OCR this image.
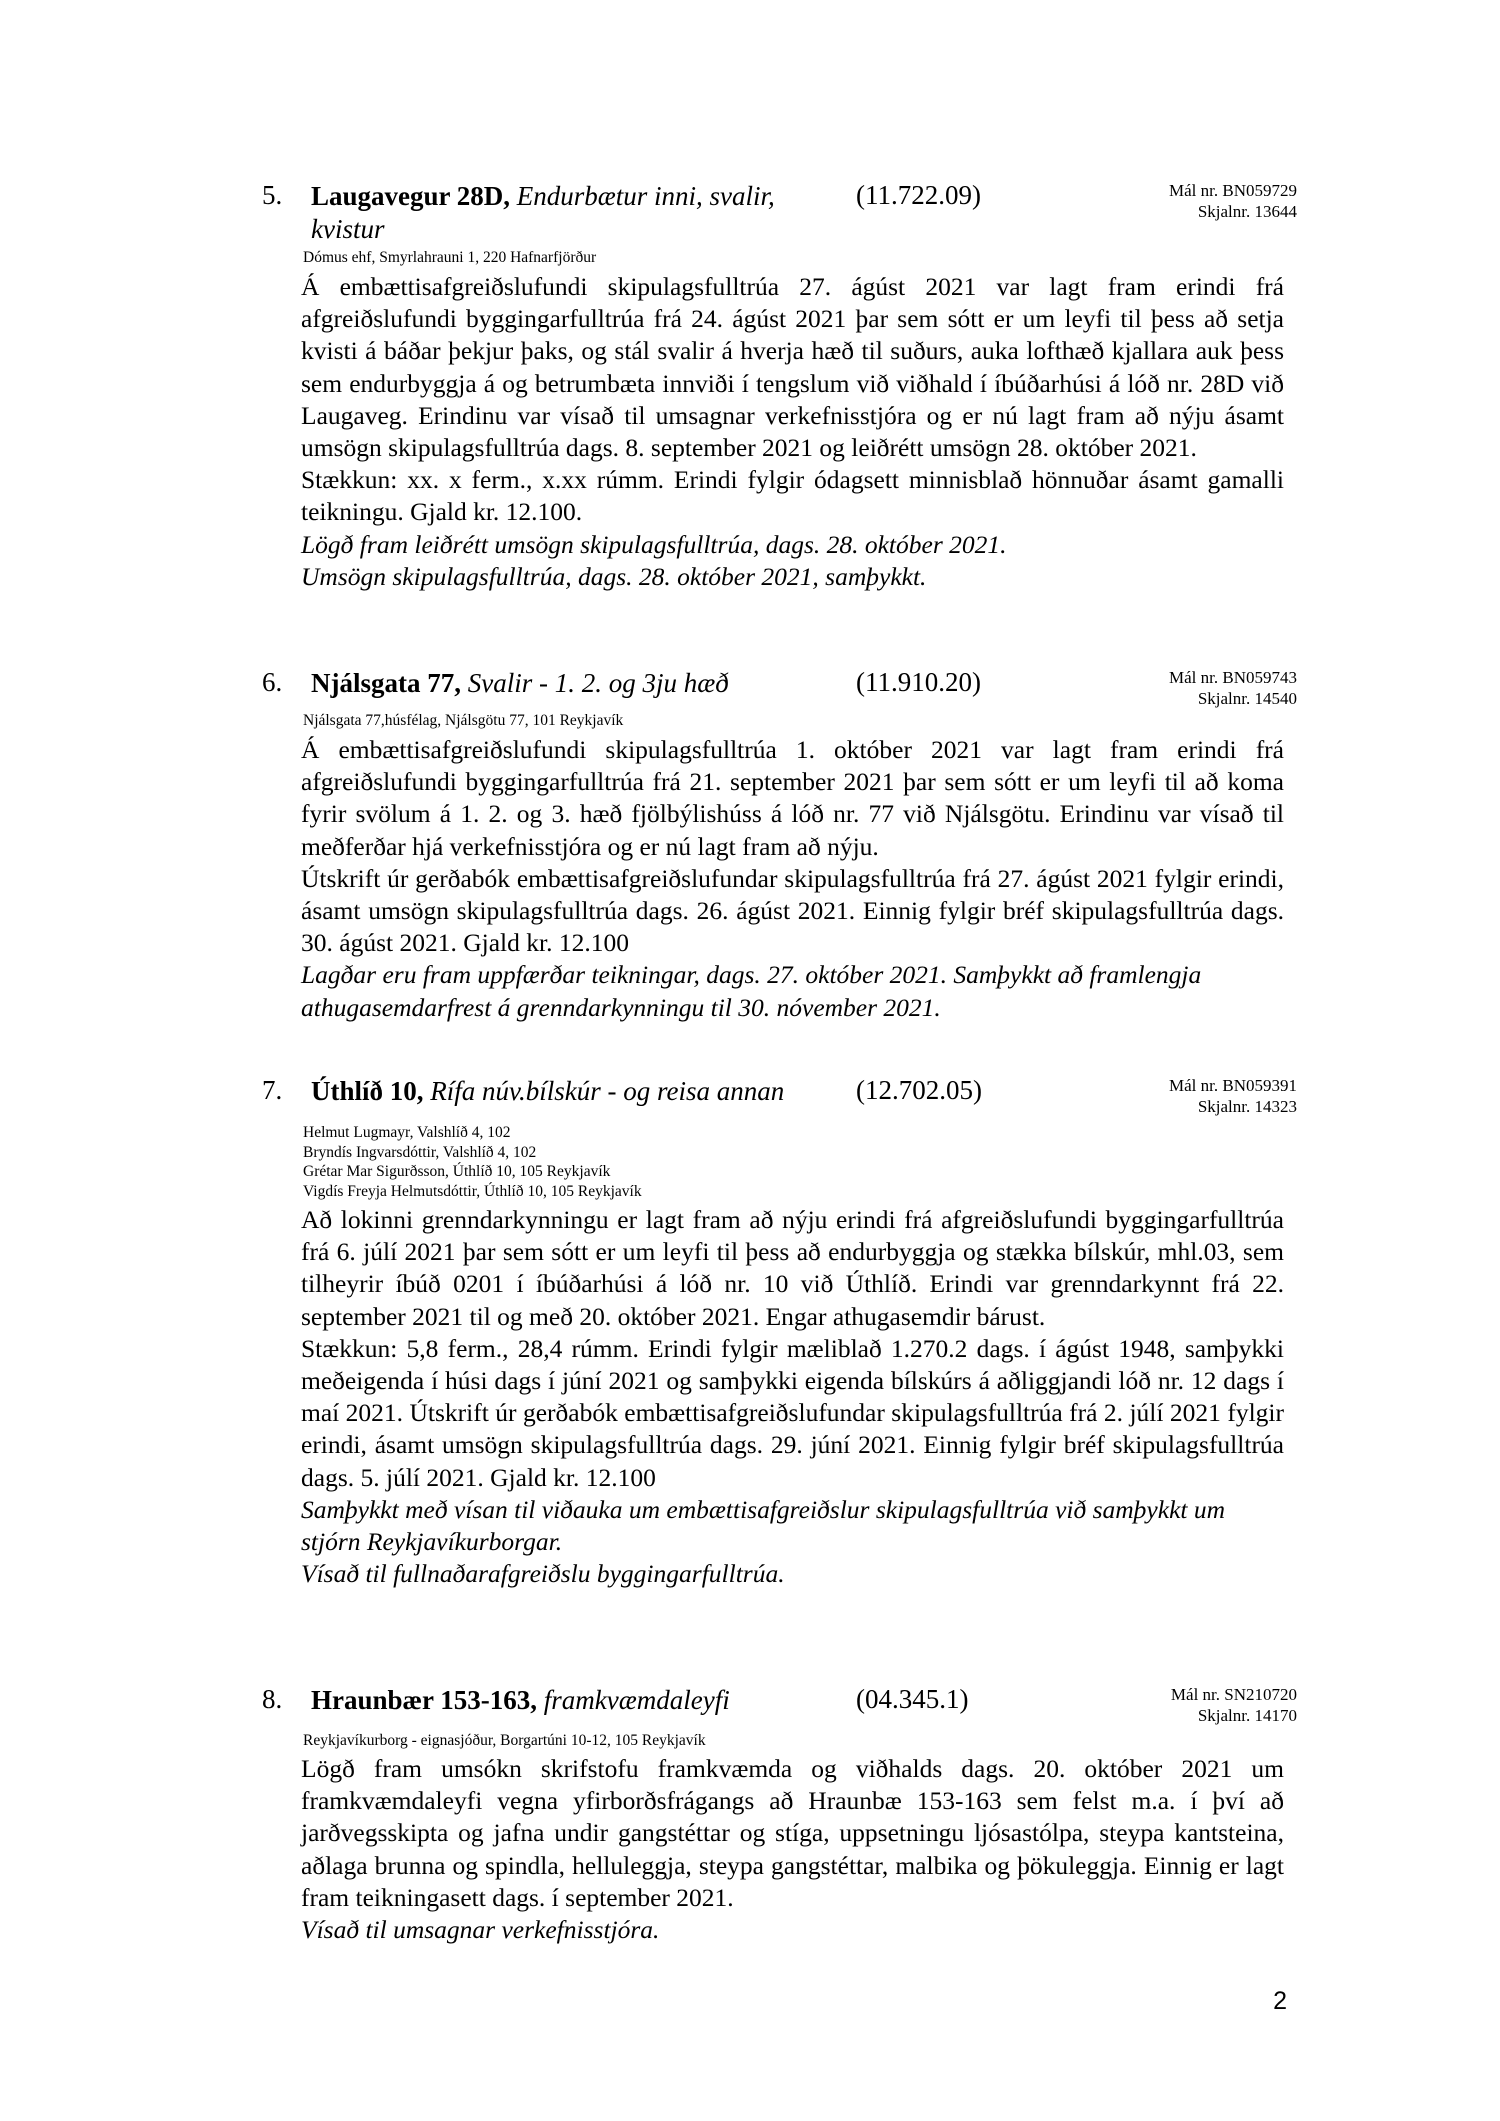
5. Laugavegur 28D, Endurbætur inni, svalir, kvistur
(11.722.09)	Mál nr. BN059729
Skjalnr. 13644
Dómus ehf, Smyrlahrauni 1, 220 Hafnarfjörður

Á embættisafgreiðslufundi skipulagsfulltrúa 27. ágúst 2021 var lagt fram erindi frá afgreiðslufundi byggingarfulltrúa frá 24. ágúst 2021 þar sem sótt er um leyfi til þess að setja kvisti á báðar þekjur þaks, og stál svalir á hverja hæð til suðurs, auka lofthæð kjallara auk þess sem endurbyggja á og betrumbæta innviði í tengslum við viðhald í íbúðarhúsi á lóð nr. 28D við Laugaveg. Erindinu var vísað til umsagnar verkefnisstjóra og er nú lagt fram að nýju ásamt umsögn skipulagsfulltrúa dags. 8. september 2021 og leiðrétt umsögn 28. október 2021.

Stækkun: xx. x ferm., x.xx rúmm. Erindi fylgir ódagsett minnisblað hönnuðar ásamt gamalli teikningu. Gjald kr. 12.100.

Lögð fram leiðrétt umsögn skipulagsfulltrúa, dags. 28. október 2021.

Umsögn skipulagsfulltrúa, dags. 28. október 2021, samþykkt.

6. Njálsgata 77, Svalir - 1. 2. og 3ju hæð	(11.910.20)	Mál nr. BN059743
Skjalnr. 14540
Njálsgata 77,húsfélag, Njálsgötu 77, 101 Reykjavík

Á embættisafgreiðslufundi skipulagsfulltrúa 1. október 2021 var lagt fram erindi frá afgreiðslufundi byggingarfulltrúa frá 21. september 2021 þar sem sótt er um leyfi til að koma fyrir svölum á 1. 2. og 3. hæð fjölbýlishúss á lóð nr. 77 við Njálsgötu. Erindinu var vísað til meðferðar hjá verkefnisstjóra og er nú lagt fram að nýju.

Útskrift úr gerðabók embættisafgreiðslufundar skipulagsfulltrúa frá 27. ágúst 2021 fylgir erindi, ásamt umsögn skipulagsfulltrúa dags. 26. ágúst 2021. Einnig fylgir bréf skipulagsfulltrúa dags. 30. ágúst 2021. Gjald kr. 12.100

Lagðar eru fram uppfærðar teikningar, dags. 27. október 2021. Samþykkt að framlengja athugasemdarfrest á grenndarkynningu til 30. nóvember 2021.

7. Úthlíð 10, Rífa núv.bílskúr - og reisa annan	(12.702.05)	Mál nr. BN059391
Skjalnr. 14323
Helmut Lugmayr, Valshlíð 4, 102
Bryndís Ingvarsdóttir, Valshlíð 4, 102
Grétar Mar Sigurðsson, Úthlíð 10, 105 Reykjavík
Vigdís Freyja Helmutsdóttir, Úthlíð 10, 105 Reykjavík

Að lokinni grenndarkynningu er lagt fram að nýju erindi frá afgreiðslufundi byggingarfulltrúa frá 6. júlí 2021 þar sem sótt er um leyfi til þess að endurbyggja og stækka bílskúr, mhl.03, sem tilheyrir íbúð 0201 í íbúðarhúsi á lóð nr. 10 við Úthlíð. Erindi var grenndarkynnt frá 22. september 2021 til og með 20. október 2021. Engar athugasemdir bárust.

Stækkun: 5,8 ferm., 28,4 rúmm. Erindi fylgir mæliblað 1.270.2 dags. í ágúst 1948, samþykki meðeigenda í húsi dags í júní 2021 og samþykki eigenda bílskúrs á aðliggjandi lóð nr. 12 dags í maí 2021. Útskrift úr gerðabók embættisafgreiðslufundar skipulagsfulltrúa frá 2. júlí 2021 fylgir erindi, ásamt umsögn skipulagsfulltrúa dags. 29. júní 2021. Einnig fylgir bréf skipulagsfulltrúa dags. 5. júlí 2021. Gjald kr. 12.100

Samþykkt með vísan til viðauka um embættisafgreiðslur skipulagsfulltrúa við samþykkt um stjórn Reykjavíkurborgar.

Vísað til fullnaðarafgreiðslu byggingarfulltrúa.

8. Hraunbær 153-163, framkvæmdaleyfi	(04.345.1)	Mál nr. SN210720
Skjalnr. 14170
Reykjavíkurborg - eignasjóður, Borgartúni 10-12, 105 Reykjavík

Lögð fram umsókn skrifstofu framkvæmda og viðhalds dags. 20. október 2021 um framkvæmdaleyfi vegna yfirborðsfrágangs að Hraunbæ 153-163 sem felst m.a. í því að jarðvegsskipta og jafna undir gangstéttar og stíga, uppsetningu ljósastólpa, steypa kantsteina, aðlaga brunna og spindla, helluleggja, steypa gangstéttar, malbika og þökuleggja. Einnig er lagt fram teikningasett dags. í september 2021.

Vísað til umsagnar verkefnisstjóra.

2
